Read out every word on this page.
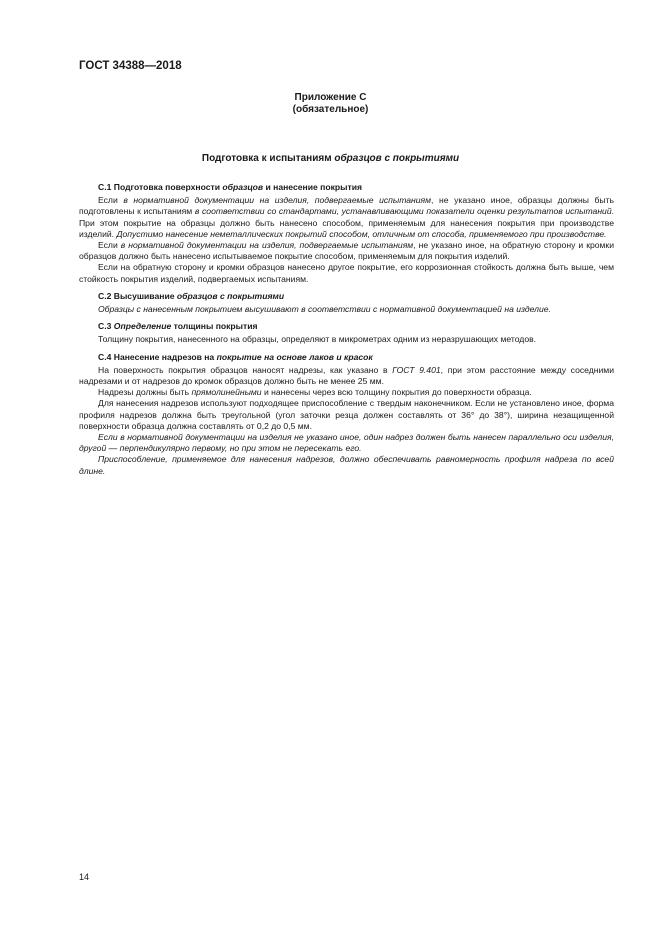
ГОСТ 34388—2018
Приложение С
(обязательное)
Подготовка к испытаниям образцов с покрытиями
С.1 Подготовка поверхности образцов и нанесение покрытия

Если в нормативной документации на изделия, подвергаемые испытаниям, не указано иное, образцы должны быть подготовлены к испытаниям в соответствии со стандартами, устанавливающими показатели оценки результатов испытаний. При этом покрытие на образцы должно быть нанесено способом, применяемым для нанесения покрытия при производстве изделий. Допустимо нанесение неметаллических покрытий способом, отличным от способа, применяемого при производстве.

Если в нормативной документации на изделия, подвергаемые испытаниям, не указано иное, на обратную сторону и кромки образцов должно быть нанесено испытываемое покрытие способом, применяемым для покрытия изделий.

Если на обратную сторону и кромки образцов нанесено другое покрытие, его коррозионная стойкость должна быть выше, чем стойкость покрытия изделий, подвергаемых испытаниям.

С.2 Высушивание образцов с покрытиями

Образцы с нанесенным покрытием высушивают в соответствии с нормативной документацией на изделие.

С.3 Определение толщины покрытия

Толщину покрытия, нанесенного на образцы, определяют в микрометрах одним из неразрушающих методов.

С.4 Нанесение надрезов на покрытие на основе лаков и красок

На поверхность покрытия образцов наносят надрезы, как указано в ГОСТ 9.401, при этом расстояние между соседними надрезами и от надрезов до кромок образцов должно быть не менее 25 мм.

Надрезы должны быть прямолинейными и нанесены через всю толщину покрытия до поверхности образца.

Для нанесения надрезов используют подходящее приспособление с твердым наконечником. Если не установлено иное, форма профиля надрезов должна быть треугольной (угол заточки резца должен составлять от 36° до 38°), ширина незащищенной поверхности образца должна составлять от 0,2 до 0,5 мм.

Если в нормативной документации на изделия не указано иное, один надрез должен быть нанесен параллельно оси изделия, другой — перпендикулярно первому, но при этом не пересекать его.

Приспособление, применяемое для нанесения надрезов, должно обеспечивать равномерность профиля надреза по всей длине.

14
